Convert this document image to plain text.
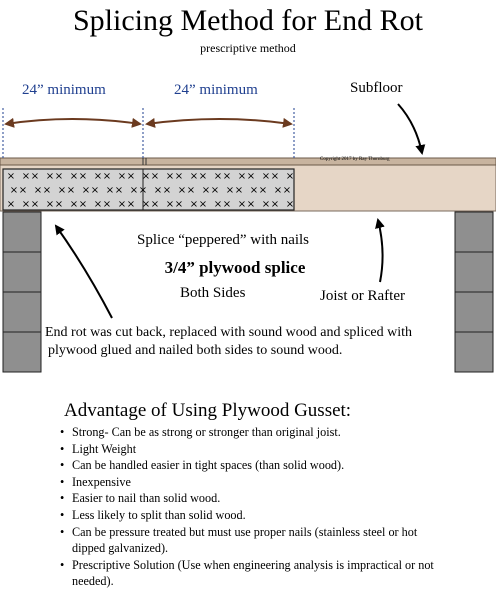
Splicing Method for End Rot
prescriptive method
× × × × × × × × × × × × × × × × × × × × × × × ×
× × × × × × × × × × × × × × × × × × × × × × × ×
× × × × × × × × × × × × × × × × × × × × × × × ×
24” minimum	24” minimum	Subfloor
Copyright 2017 by Ray Thornburg
Splice “peppered” with nails
3/4” plywood splice
Both Sides	Joist or Rafter
End rot was cut back, replaced with sound wood and spliced with
plywood glued and nailed both sides to sound wood.
Advantage of Using Plywood Gusset:
• Strong- Can be as strong or stronger than original joist.
• Light Weight
• Can be handled easier in tight spaces (than solid wood).
• Inexpensive
• Easier to nail than solid wood.
• Less likely to split than solid wood.
• Can be pressure treated but must use proper nails (stainless steel or hot dipped galvanized).
• Prescriptive Solution (Use when engineering analysis is impractical or not needed).
